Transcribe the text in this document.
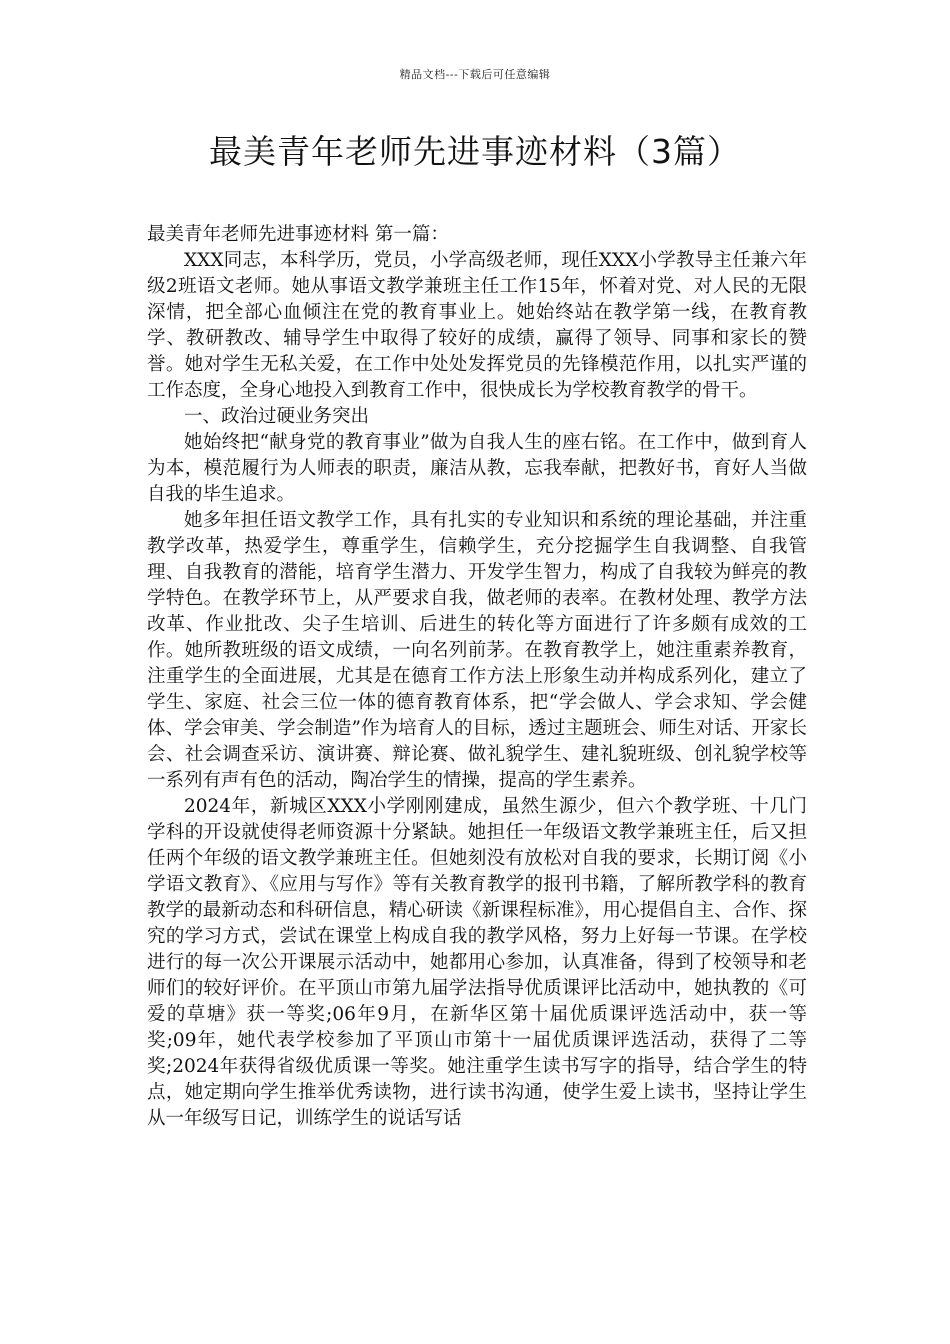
精品文档---下载后可任意编辑
最美青年老师先进事迹材料（3篇）

最美青年老师先进事迹材料 第一篇：

XXX同志，本科学历，党员，小学高级老师，现任XXX小学教导主任兼六年级2班语文老师。她从事语文教学兼班主任工作15年，怀着对党、对人民的无限深情，把全部心血倾注在党的教育事业上。她始终站在教学第一线，在教育教学、教研教改、辅导学生中取得了较好的成绩，赢得了领导、同事和家长的赞誉。她对学生无私关爱，在工作中处处发挥党员的先锋模范作用，以扎实严谨的工作态度，全身心地投入到教育工作中，很快成长为学校教育教学的骨干。

一、政治过硬业务突出

她始终把“献身党的教育事业”做为自我人生的座右铭。在工作中，做到育人为本，模范履行为人师表的职责，廉洁从教，忘我奉献，把教好书，育好人当做自我的毕生追求。

她多年担任语文教学工作，具有扎实的专业知识和系统的理论基础，并注重教学改革，热爱学生，尊重学生，信赖学生，充分挖掘学生自我调整、自我管理、自我教育的潜能，培育学生潜力、开发学生智力，构成了自我较为鲜亮的教学特色。在教学环节上，从严要求自我，做老师的表率。在教材处理、教学方法改革、作业批改、尖子生培训、后进生的转化等方面进行了许多颇有成效的工作。她所教班级的语文成绩，一向名列前茅。在教育教学上，她注重素养教育，注重学生的全面进展，尤其是在德育工作方法上形象生动并构成系列化，建立了学生、家庭、社会三位一体的德育教育体系，把“学会做人、学会求知、学会健体、学会审美、学会制造”作为培育人的目标，透过主题班会、师生对话、开家长会、社会调查采访、演讲赛、辩论赛、做礼貌学生、建礼貌班级、创礼貌学校等一系列有声有色的活动，陶冶学生的情操，提高的学生素养。

2024年，新城区XXX小学刚刚建成，虽然生源少，但六个教学班、十几门学科的开设就使得老师资源十分紧缺。她担任一年级语文教学兼班主任，后又担任两个年级的语文教学兼班主任。但她刻没有放松对自我的要求，长期订阅《小学语文教育》、《应用与写作》等有关教育教学的报刊书籍，了解所教学科的教育教学的最新动态和科研信息，精心研读《新课程标准》，用心提倡自主、合作、探究的学习方式，尝试在课堂上构成自我的教学风格，努力上好每一节课。在学校进行的每一次公开课展示活动中，她都用心参加，认真准备，得到了校领导和老师们的较好评价。在平顶山市第九届学法指导优质课评比活动中，她执教的《可爱的草塘》获一等奖;06年9月，在新华区第十届优质课评选活动中，获一等奖;09年，她代表学校参加了平顶山市第十一届优质课评选活动，获得了二等奖;2024年获得省级优质课一等奖。她注重学生读书写字的指导，结合学生的特点，她定期向学生推举优秀读物，进行读书沟通，使学生爱上读书，坚持让学生从一年级写日记，训练学生的说话写话
